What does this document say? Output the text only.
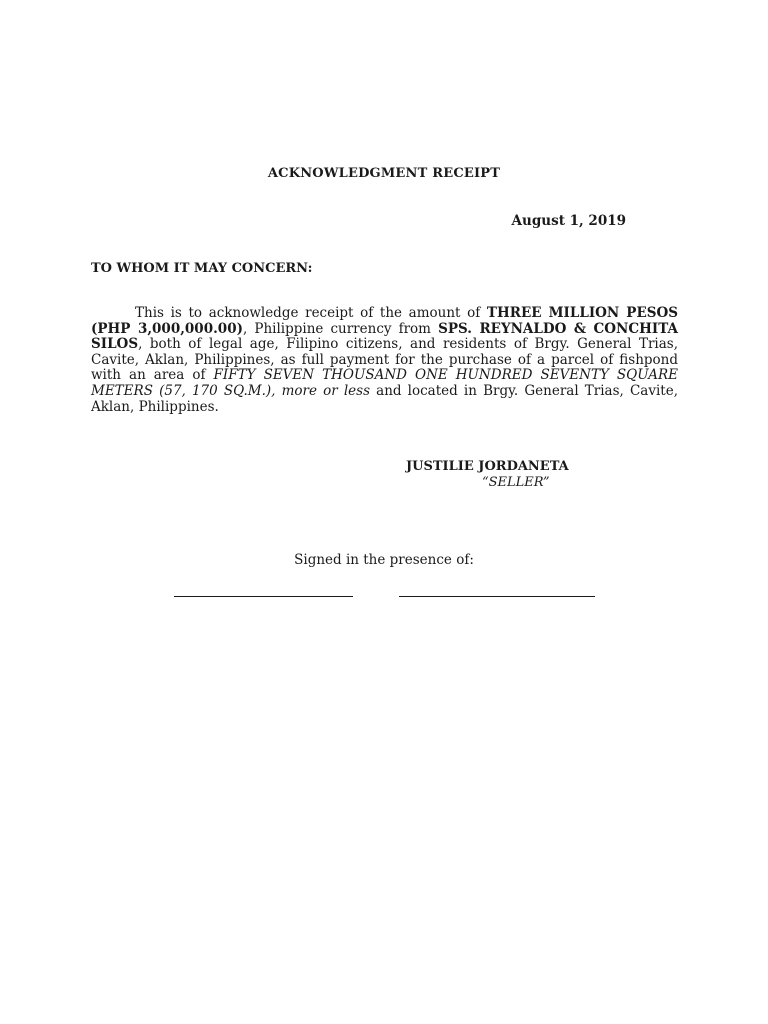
ACKNOWLEDGMENT RECEIPT
August 1, 2019
TO WHOM IT MAY CONCERN:
This is to acknowledge receipt of the amount of THREE MILLION PESOS (PHP 3,000,000.00), Philippine currency from SPS. REYNALDO & CONCHITA SILOS, both of legal age, Filipino citizens, and residents of Brgy. General Trias, Cavite, Aklan, Philippines, as full payment for the purchase of a parcel of fishpond with an area of FIFTY SEVEN THOUSAND ONE HUNDRED SEVENTY SQUARE METERS (57, 170 SQ.M.), more or less and located in Brgy. General Trias, Cavite, Aklan, Philippines.
JUSTILIE JORDANETA
“SELLER”
Signed in the presence of:
